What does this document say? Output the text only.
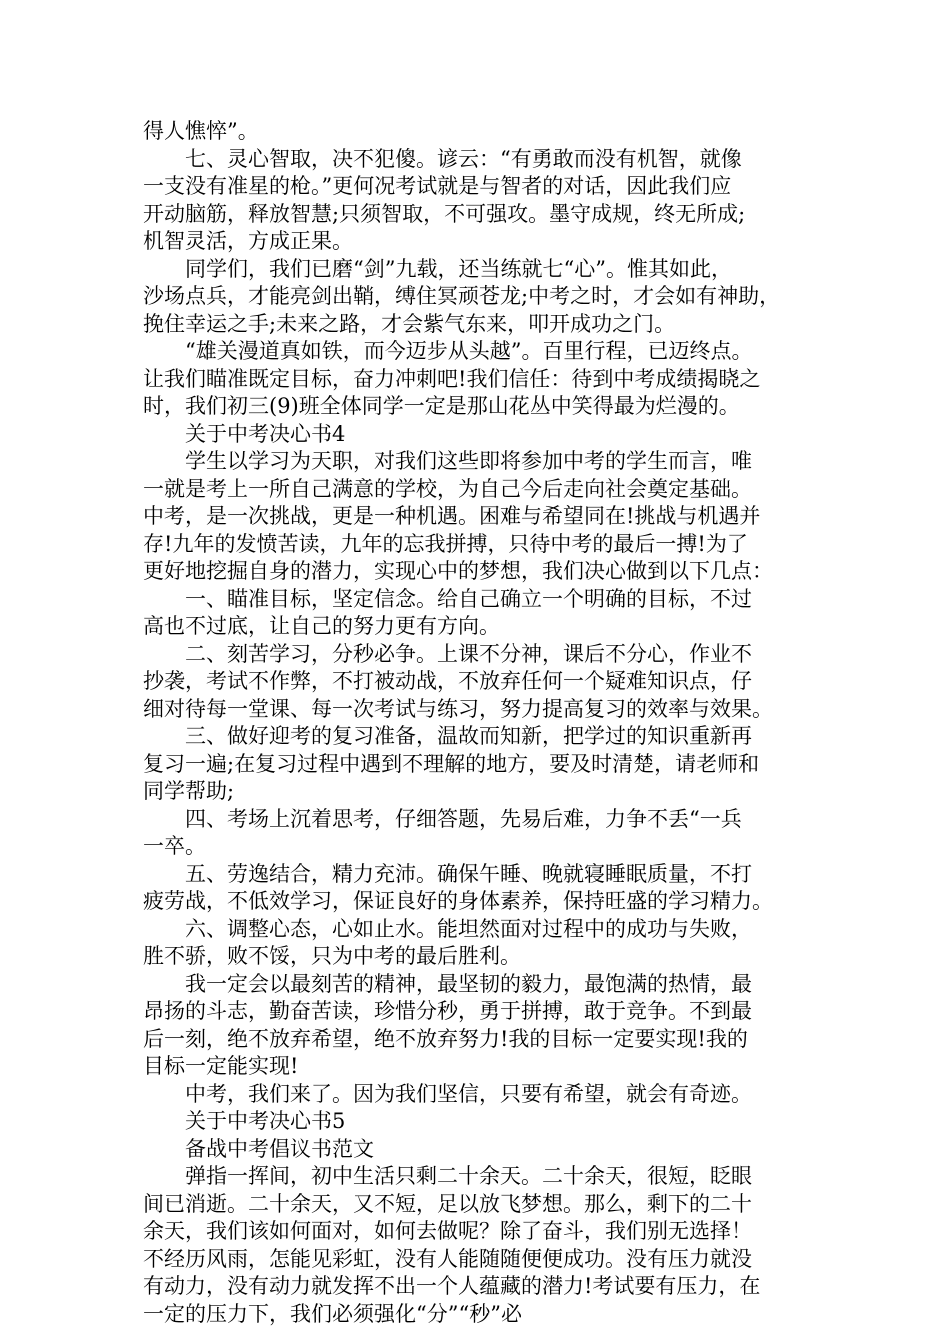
得人憔悴”。
　　七、灵心智取，决不犯傻。谚云：“有勇敢而没有机智，就像
一支没有准星的枪。”更何况考试就是与智者的对话，因此我们应
开动脑筋，释放智慧;只须智取，不可强攻。墨守成规，终无所成;
机智灵活，方成正果。
　　同学们，我们已磨“剑”九载，还当练就七“心”。惟其如此，
沙场点兵，才能亮剑出鞘，缚住冥顽苍龙;中考之时，才会如有神助，
挽住幸运之手;未来之路，才会紫气东来，叩开成功之门。
　　“雄关漫道真如铁，而今迈步从头越”。百里行程，已迈终点。
让我们瞄准既定目标，奋力冲刺吧!我们信任：待到中考成绩揭晓之
时，我们初三(9)班全体同学一定是那山花丛中笑得最为烂漫的。
　　关于中考决心书4
　　学生以学习为天职，对我们这些即将参加中考的学生而言，唯
一就是考上一所自己满意的学校，为自己今后走向社会奠定基础。
中考，是一次挑战，更是一种机遇。困难与希望同在!挑战与机遇并
存!九年的发愤苦读，九年的忘我拼搏，只待中考的最后一搏!为了
更好地挖掘自身的潜力，实现心中的梦想，我们决心做到以下几点：
　　一、瞄准目标，坚定信念。给自己确立一个明确的目标，不过
高也不过底，让自己的努力更有方向。
　　二、刻苦学习，分秒必争。上课不分神，课后不分心，作业不
抄袭，考试不作弊，不打被动战，不放弃任何一个疑难知识点，仔
细对待每一堂课、每一次考试与练习，努力提高复习的效率与效果。
　　三、做好迎考的复习准备，温故而知新，把学过的知识重新再
复习一遍;在复习过程中遇到不理解的地方，要及时清楚，请老师和
同学帮助;
　　四、考场上沉着思考，仔细答题，先易后难，力争不丢“一兵
一卒。
　　五、劳逸结合，精力充沛。确保午睡、晚就寝睡眠质量，不打
疲劳战，不低效学习，保证良好的身体素养，保持旺盛的学习精力。
　　六、调整心态，心如止水。能坦然面对过程中的成功与失败，
胜不骄，败不馁，只为中考的最后胜利。
　　我一定会以最刻苦的精神，最坚韧的毅力，最饱满的热情，最
昂扬的斗志，勤奋苦读，珍惜分秒，勇于拼搏，敢于竞争。不到最
后一刻，绝不放弃希望，绝不放弃努力!我的目标一定要实现!我的
目标一定能实现!
　　中考，我们来了。因为我们坚信，只要有希望，就会有奇迹。
　　关于中考决心书5
　　备战中考倡议书范文
　　弹指一挥间，初中生活只剩二十余天。二十余天，很短，眨眼
间已消逝。二十余天，又不短，足以放飞梦想。那么，剩下的二十
余天，我们该如何面对，如何去做呢？除了奋斗，我们别无选择！
不经历风雨，怎能见彩虹，没有人能随随便便成功。没有压力就没
有动力，没有动力就发挥不出一个人蕴藏的潜力!考试要有压力，在
一定的压力下，我们必须强化“分”“秒”必
